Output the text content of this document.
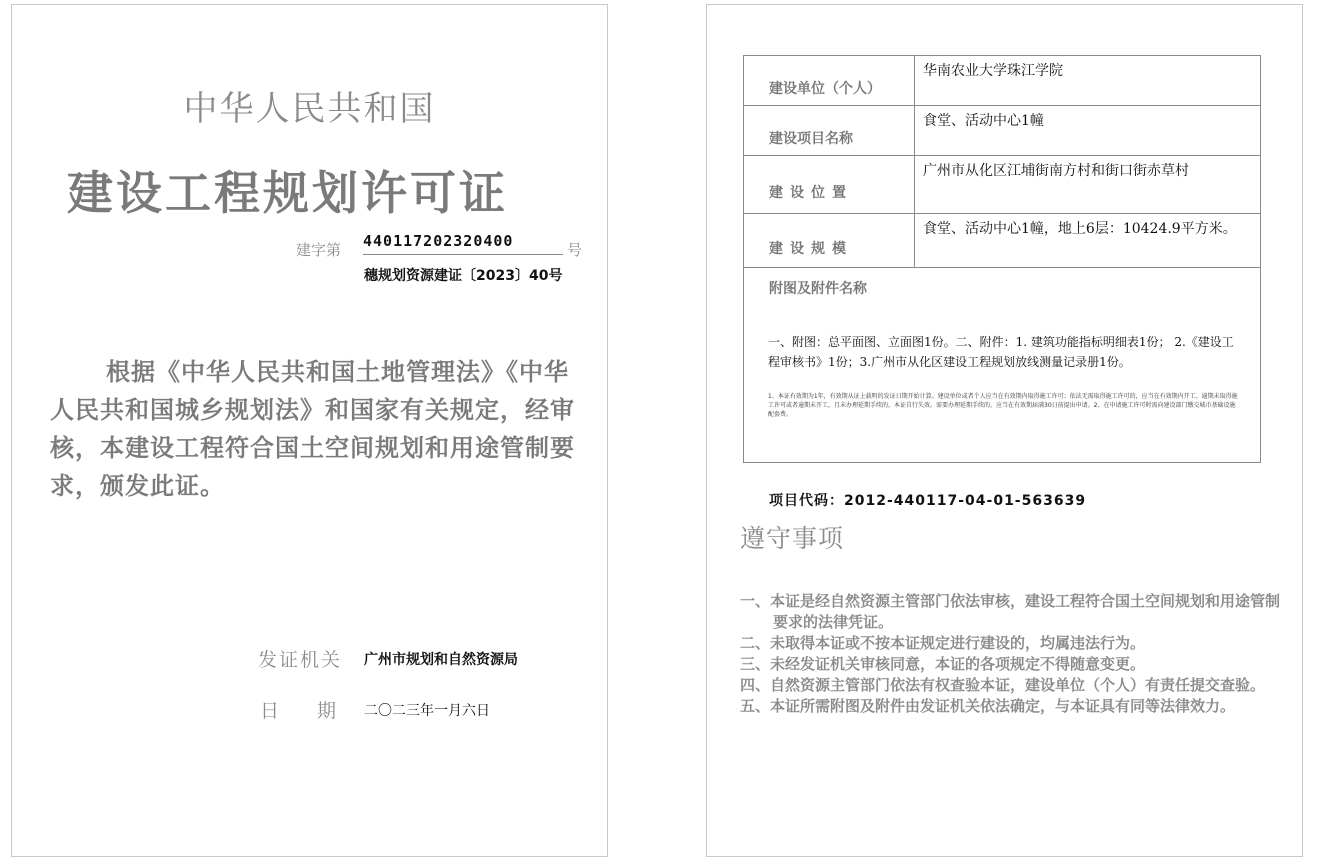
中华人民共和国
建设工程规划许可证
建字第 440117202320400	号
穗规划资源建证〔2023〕40号

根据《中华人民共和国土地管理法》《中华人民共和国城乡规划法》和国家有关规定，经审核，本建设工程符合国土空间规划和用途管制要求，颁发此证。

发证机关 广州市规划和自然资源局
日期
二〇二三年一月六日
建设单位（个人）	华南农业大学珠江学院
建设项目名称	食堂、活动中心1幢
建设位置	广州市从化区江埔街南方村和街口街赤草村
建设规模	食堂、活动中心1幢，地上6层：10424.9平方米。

附图及附件名称
一、附图：总平面图、立面图1份。二、附件：1. 建筑功能指标明细表1份； 2.《建设工程审核书》1份；3.广州市从化区建设工程规划放线测量记录册1份。
1、本证有效期为1年，有效期从证上载明的发证日期开始计算。建设单位或者个人应当在有效期内取得施工许可；依法无需取得施工许可的，应当在有效期内开工。逾期未取得施工许可或者逾期未开工，且未办理延期手续的，本证自行失效。需要办理延期手续的，应当在有效期届满30日前提出申请。2、在申请施工许可时需向建设部门缴交城市基础设施配套费。	
项目代码：2012-440117-04-01-563639
遵守事项
一、本证是经自然资源主管部门依法审核，建设工程符合国土空间规划和用途管制要求的法律凭证。
二、未取得本证或不按本证规定进行建设的，均属违法行为。
三、未经发证机关审核同意，本证的各项规定不得随意变更。
四、自然资源主管部门依法有权查验本证，建设单位（个人）有责任提交查验。
五、本证所需附图及附件由发证机关依法确定，与本证具有同等法律效力。
